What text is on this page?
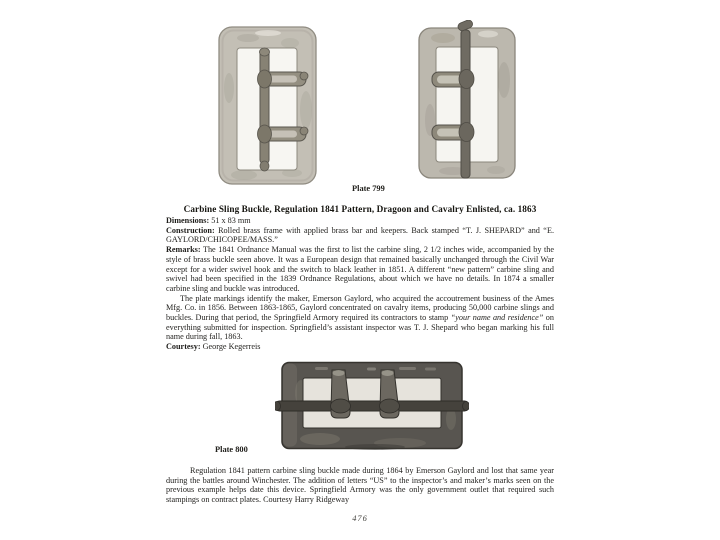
Plate 799
Carbine Sling Buckle, Regulation 1841 Pattern, Dragoon and Cavalry Enlisted, ca. 1863

Dimensions: 51 x 83 mm

Construction: Rolled brass frame with applied brass bar and keepers. Back stamped “T. J. SHEPARD” and “E. GAYLORD/CHICOPEE/MASS.”

Remarks: The 1841 Ordnance Manual was the first to list the carbine sling, 2 1/2 inches wide, accompanied by the style of brass buckle seen above. It was a European design that remained basically unchanged through the Civil War except for a wider swivel hook and the switch to black leather in 1851. A different “new pattern” carbine sling and swivel had been specified in the 1839 Ordnance Regulations, about which we have no details. In 1874 a smaller carbine sling and buckle was introduced.

The plate markings identify the maker, Emerson Gaylord, who acquired the accoutrement business of the Ames Mfg. Co. in 1856. Between 1863-1865, Gaylord concentrated on cavalry items, producing 50,000 carbine slings and buckles. During that period, the Springfield Armory required its contractors to stamp “your name and residence” on everything submitted for inspection. Springfield’s assistant inspector was T. J. Shepard who began marking his full name during fall, 1863.

Courtesy: George Kegerreis

Plate 800
Regulation 1841 pattern carbine sling buckle made during 1864 by Emerson Gaylord and lost that same year during the battles around Winchester. The addition of letters “US” to the inspector’s and maker’s marks seen on the previous example helps date this device. Springfield Armory was the only government outlet that required such stampings on contract plates. Courtesy Harry Ridgeway
476
